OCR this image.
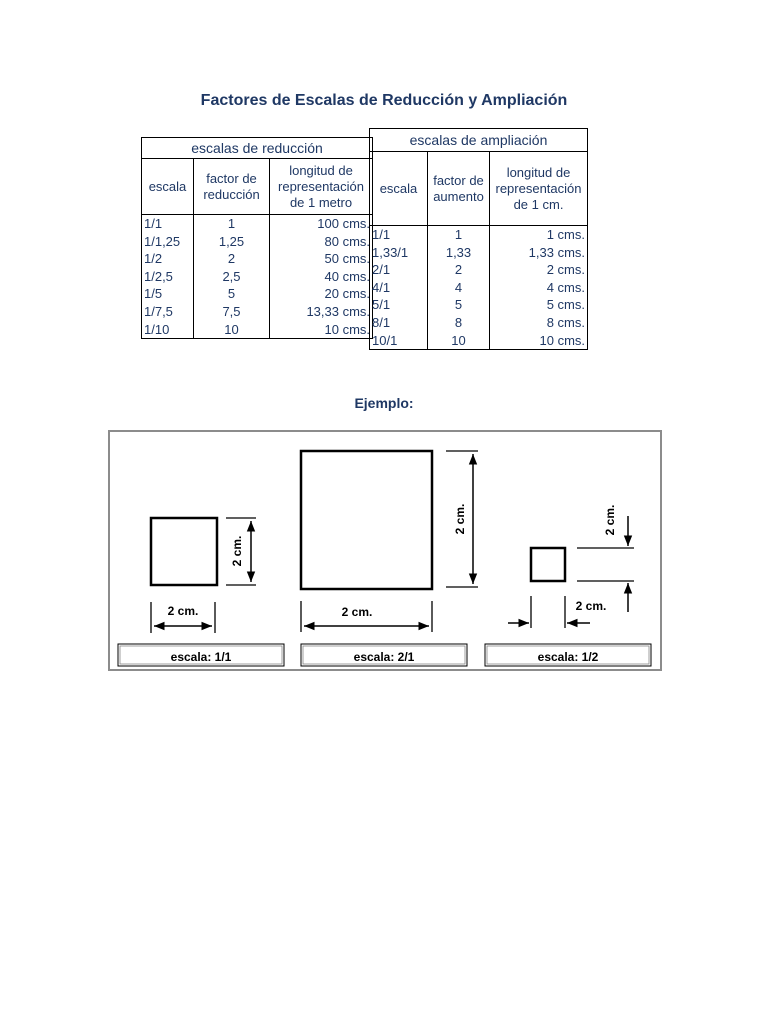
Factores de Escalas de Reducción y Ampliación
escalas de reducción		
escala	factor de reducción	longitud de representación de 1 metro
1/1	1	100 cms.
1/1,25	1,25	80 cms.
1/2	2	50 cms.
1/2,5	2,5	40 cms.
1/5	5	20 cms.
1/7,5	7,5	13,33 cms.
1/10	10	10 cms.
escalas de ampliación		
escala	factor de aumento	longitud de representación de 1 cm.
1/1	1	1 cms.
1,33/1	1,33	1,33 cms.
2/1	2	2 cms.
4/1	4	4 cms.
5/1	5	5 cms.
8/1	8	8 cms.
10/1	10	10 cms.
Ejemplo:
2 cm.
2 cm.
2 cm.
2 cm.
2 cm.
2 cm.
escala: 1/1	escala: 2/1	escala: 1/2
